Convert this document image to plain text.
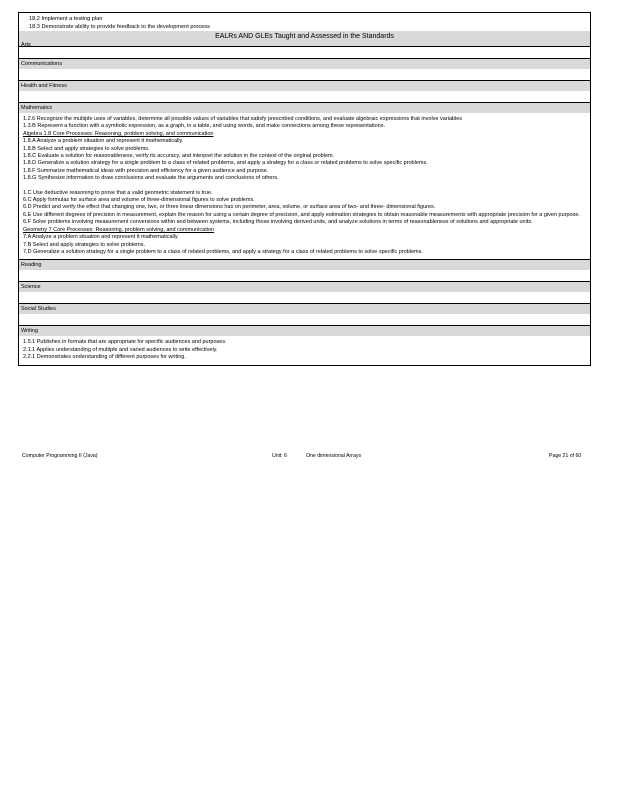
18.2 Implement a testing plan
18.3 Demonstrate ability to provide feedback to the development process
EALRs AND GLEs Taught and Assessed in the Standards
Arts
Communications
Health and Fitness
Mathematics
1.2.6 Recognize the multiple uses of variables, determine all possible values of variables that satisfy prescribed conditions, and evaluate algebraic expressions that involve variables
1.3.B Represent a function with a symbolic expression, as a graph, in a table, and using words, and make connections among these representations.
Algebra 1.8 Core Processes: Reasoning, problem solving, and communication
1.8.A Analyze a problem situation and represent it mathematically.
1.8.B Select and apply strategies to solve problems.
1.8.C Evaluate a solution for reasonableness, verify its accuracy, and interpret the solution in the context of the original problem.
1.8.D Generalize a solution strategy for a single problem to a class of related problems, and apply a strategy for a class or related problems to solve specific problems.
1.8.F Summarize mathematical ideas with precision and efficiency for a given audience and purpose.
1.8.G Synthesize information to draw conclusions and evaluate the arguments and conclusions of others.
1.C Use deductive reasoning to prove that a valid geometric statement is true.
6.C Apply formulas for surface area and volume of three-dimensional figures to solve problems.
6.D Predict and verify the effect that changing one, two, or three linear dimensions has on perimeter, area, volume, or surface area of two- and three- dimensional figures.
6.E Use different degrees of precision in measurement, explain the reason for using a certain degree of precision, and apply estimation strategies to obtain reasonable measurements with appropriate precision for a given purpose.
6.F Solve problems involving measurement conversions within and between systems, including those involving derived units, and analyze solutions in terms of reasonableness of solutions and appropriate units.
Geometry 7 Core Processes: Reasoning, problem solving, and communication
7.A Analyze a problem situation and represent it mathematically
7.B Select and apply strategies to solve problems.
7.D Generalize a solution strategy for a single problem to a class of related problems, and apply a strategy for a class of related problems to solve specific problems.
Reading
Science
Social Studies
Writing
1.5.1 Publishes in formats that are appropriate for specific audiences and purposes.
2.1.1 Applies understanding of multiple and varied audiences to write effectively.
2.2.1 Demonstrates understanding of different purposes for writing.
Computer Programming II (Java)	Unit: 6	One dimensional Arrays	Page 21 of 60
